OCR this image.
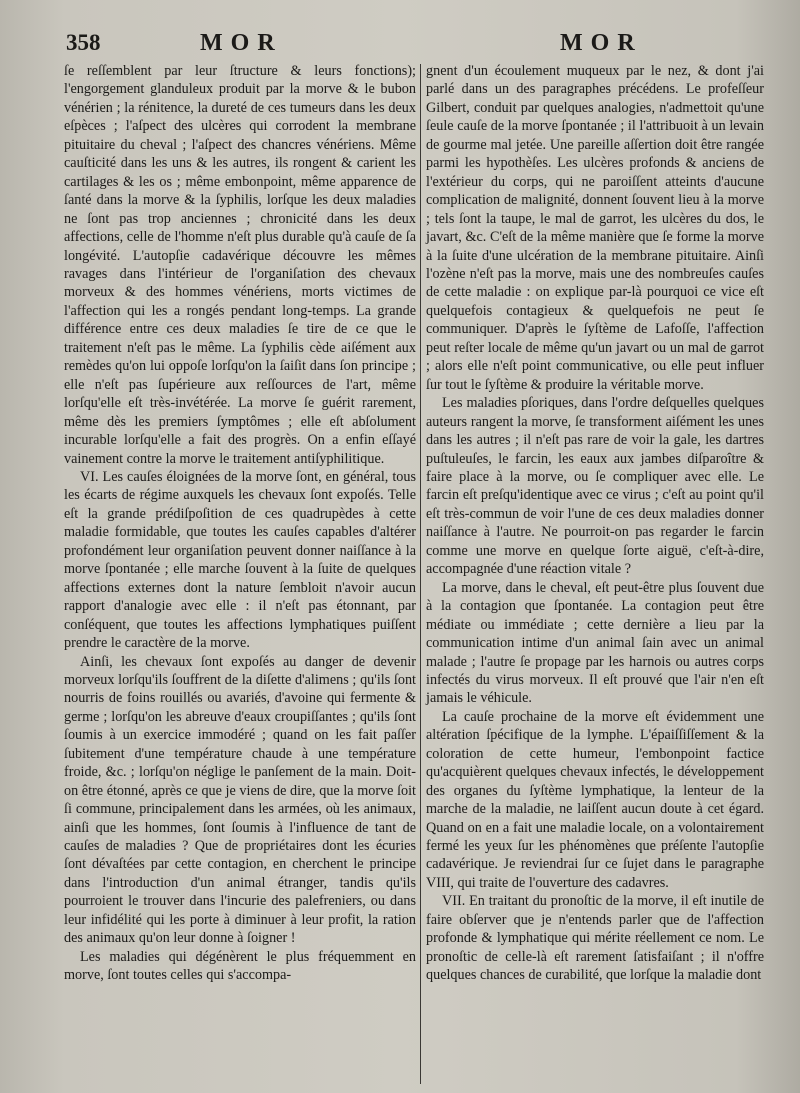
358	MOR	MOR

ſe reſſemblent par leur ſtructure & leurs fonctions); l'engorgement glanduleux produit par la morve & le bubon vénérien ; la rénitence, la dureté de ces tumeurs dans les deux eſpèces ; l'aſpect des ulcères qui corrodent la membrane pituitaire du cheval ; l'aſpect des chancres vénériens. Même cauſticité dans les uns & les autres, ils rongent & carient les cartilages & les os ; même embonpoint, même apparence de ſanté dans la morve & la ſyphilis, lorſque les deux maladies ne ſont pas trop anciennes ; chronicité dans les deux affections, celle de l'homme n'eſt plus durable qu'à cauſe de ſa longévité. L'autopſie cadavérique découvre les mêmes ravages dans l'intérieur de l'organiſation des chevaux morveux & des hommes vénériens, morts victimes de l'affection qui les a rongés pendant long-temps. La grande différence entre ces deux maladies ſe tire de ce que le traitement n'eſt pas le même. La ſyphilis cède aiſément aux remèdes qu'on lui oppoſe lorſqu'on la ſaiſit dans ſon principe ; elle n'eſt pas ſupérieure aux reſſources de l'art, même lorſqu'elle eſt très-invétérée. La morve ſe guérit rarement, même dès les premiers ſymptômes ; elle eſt abſolument incurable lorſqu'elle a fait des progrès. On a enfin eſſayé vainement contre la morve le traitement antiſyphilitique.

VI. Les cauſes éloignées de la morve ſont, en général, tous les écarts de régime auxquels les chevaux ſont expoſés. Telle eſt la grande prédiſpoſition de ces quadrupèdes à cette maladie formidable, que toutes les cauſes capables d'altérer profondément leur organiſation peuvent donner naiſſance à la morve ſpontanée ; elle marche ſouvent à la ſuite de quelques affections externes dont la nature ſembloit n'avoir aucun rapport d'analogie avec elle : il n'eſt pas étonnant, par conſéquent, que toutes les affections lymphatiques puiſſent prendre le caractère de la morve.

Ainſi, les chevaux ſont expoſés au danger de devenir morveux lorſqu'ils ſouffrent de la diſette d'alimens ; qu'ils ſont nourris de foins rouillés ou avariés, d'avoine qui fermente & germe ; lorſqu'on les abreuve d'eaux croupiſſantes ; qu'ils ſont ſoumis à un exercice immodéré ; quand on les fait paſſer ſubitement d'une température chaude à une température froide, &c. ; lorſqu'on néglige le panſement de la main. Doit-on être étonné, après ce que je viens de dire, que la morve ſoit ſi commune, principalement dans les armées, où les animaux, ainſi que les hommes, ſont ſoumis à l'influence de tant de cauſes de maladies ? Que de propriétaires dont les écuries ſont dévaſtées par cette contagion, en cherchent le principe dans l'introduction d'un animal étranger, tandis qu'ils pourroient le trouver dans l'incurie des palefreniers, ou dans leur infidélité qui les porte à diminuer à leur profit, la ration des animaux qu'on leur donne à ſoigner !

Les maladies qui dégénèrent le plus fréquemment en morve, ſont toutes celles qui s'accompa-

gnent d'un écoulement muqueux par le nez, & dont j'ai parlé dans un des paragraphes précédens. Le profeſſeur Gilbert, conduit par quelques analogies, n'admettoit qu'une ſeule cauſe de la morve ſpontanée ; il l'attribuoit à un levain de gourme mal jetée. Une pareille aſſertion doit être rangée parmi les hypothèſes. Les ulcères profonds & anciens de l'extérieur du corps, qui ne paroiſſent atteints d'aucune complication de malignité, donnent ſouvent lieu à la morve ; tels ſont la taupe, le mal de garrot, les ulcères du dos, le javart, &c. C'eſt de la même manière que ſe forme la morve à la ſuite d'une ulcération de la membrane pituitaire. Ainſi l'ozène n'eſt pas la morve, mais une des nombreuſes cauſes de cette maladie : on explique par-là pourquoi ce vice eſt quelquefois contagieux & quelquefois ne peut ſe communiquer. D'après le ſyſtème de Lafoſſe, l'affection peut reſter locale de même qu'un javart ou un mal de garrot ; alors elle n'eſt point communicative, ou elle peut influer ſur tout le ſyſtème & produire la véritable morve.

Les maladies pſoriques, dans l'ordre deſquelles quelques auteurs rangent la morve, ſe transforment aiſément les unes dans les autres ; il n'eſt pas rare de voir la gale, les dartres puſtuleuſes, le farcin, les eaux aux jambes diſparoître & faire place à la morve, ou ſe compliquer avec elle. Le farcin eſt preſqu'identique avec ce virus ; c'eſt au point qu'il eſt très-commun de voir l'une de ces deux maladies donner naiſſance à l'autre. Ne pourroit-on pas regarder le farcin comme une morve en quelque ſorte aiguë, c'eſt-à-dire, accompagnée d'une réaction vitale ?

La morve, dans le cheval, eſt peut-être plus ſouvent due à la contagion que ſpontanée. La contagion peut être médiate ou immédiate ; cette dernière a lieu par la communication intime d'un animal ſain avec un animal malade ; l'autre ſe propage par les harnois ou autres corps infectés du virus morveux. Il eſt prouvé que l'air n'en eſt jamais le véhicule.

La cauſe prochaine de la morve eſt évidemment une altération ſpécifique de la lymphe. L'épaiſſiſſement & la coloration de cette humeur, l'embonpoint factice qu'acquièrent quelques chevaux infectés, le développement des organes du ſyſtème lymphatique, la lenteur de la marche de la maladie, ne laiſſent aucun doute à cet égard. Quand on en a fait une maladie locale, on a volontairement fermé les yeux ſur les phénomènes que préſente l'autopſie cadavérique. Je reviendrai ſur ce ſujet dans le paragraphe VIII, qui traite de l'ouverture des cadavres.

VII. En traitant du pronoſtic de la morve, il eſt inutile de faire obſerver que je n'entends parler que de l'affection profonde & lymphatique qui mérite réellement ce nom. Le pronoſtic de celle-là eſt rarement ſatisfaiſant ; il n'offre quelques chances de curabilité, que lorſque la maladie dont
